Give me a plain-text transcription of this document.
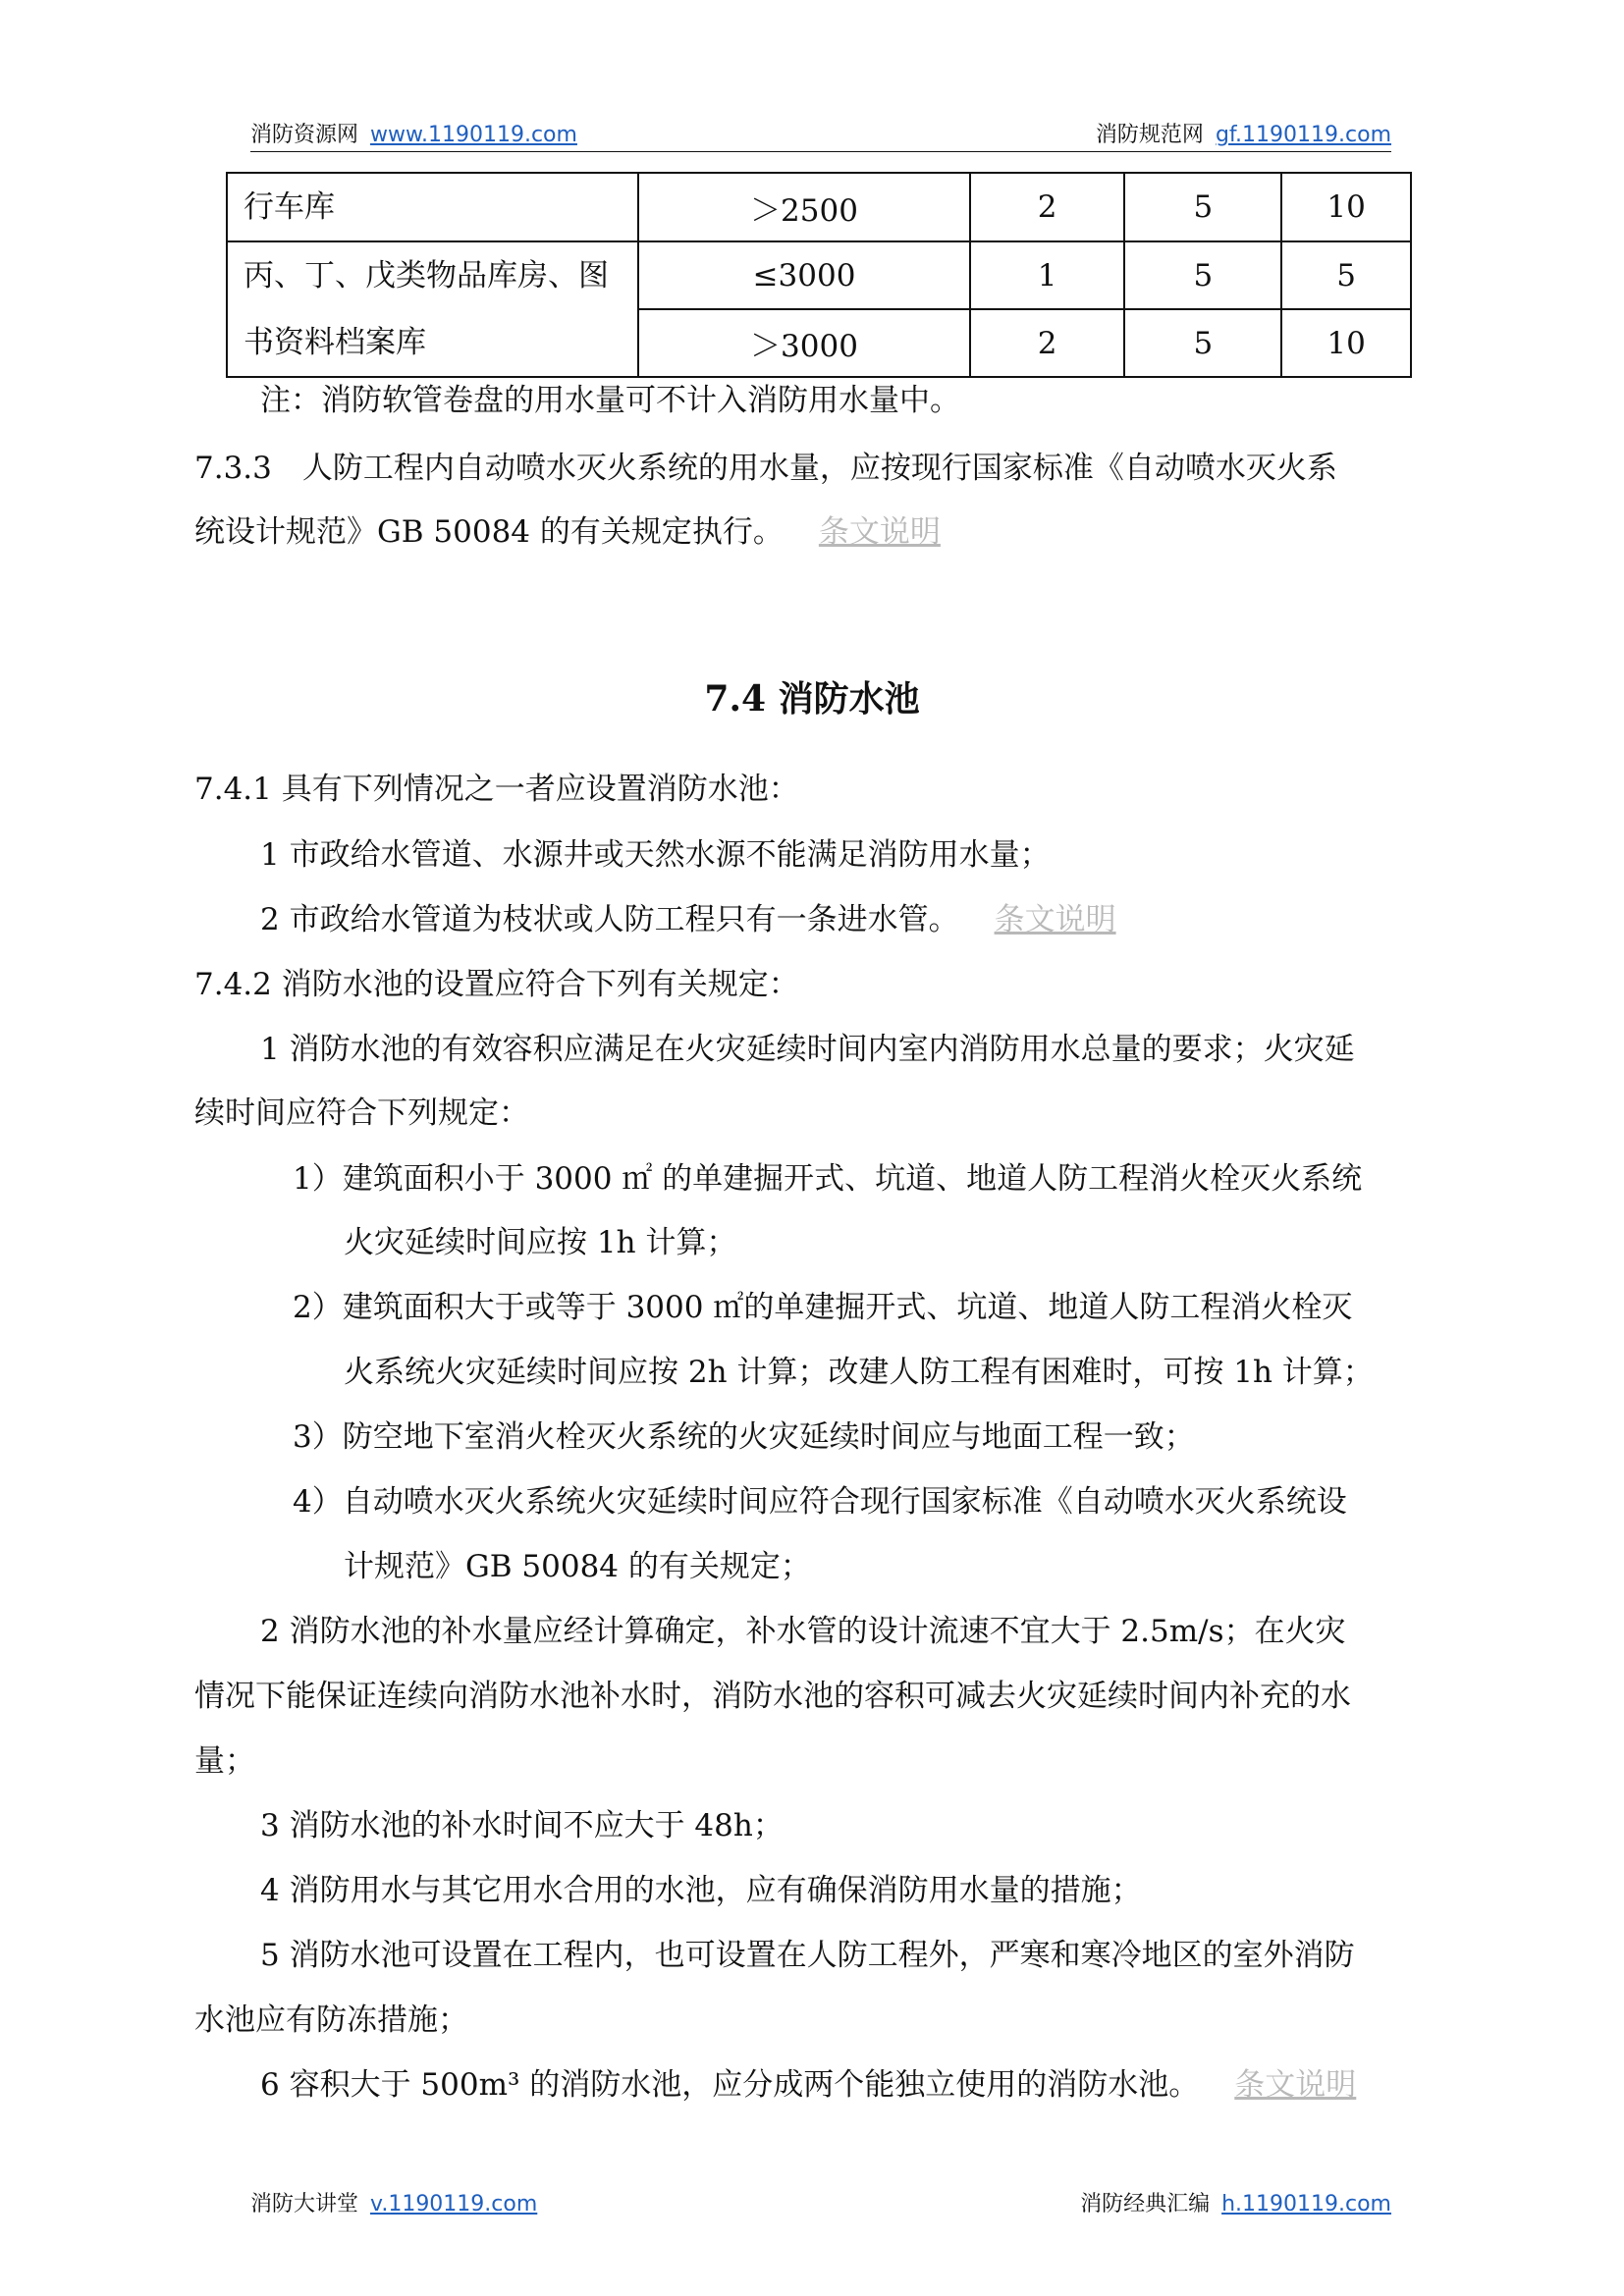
消防资源网 www.1190119.com	消防规范网 gf.1190119.com
行车库	＞2500	2	5	10

丙、丁、戊类物品库房、图
书资料档案库	≤3000	1	5	5
	＞3000	2	5	10
注：消防软管卷盘的用水量可不计入消防用水量中。
7.3.3　人防工程内自动喷水灭火系统的用水量，应按现行国家标准《自动喷水灭火系
统设计规范》GB 50084 的有关规定执行。 条文说明
7.4 消防水池
7.4.1 具有下列情况之一者应设置消防水池：
1 市政给水管道、水源井或天然水源不能满足消防用水量；
2 市政给水管道为枝状或人防工程只有一条进水管。 条文说明
7.4.2 消防水池的设置应符合下列有关规定：
1 消防水池的有效容积应满足在火灾延续时间内室内消防用水总量的要求；火灾延
续时间应符合下列规定：
1）建筑面积小于 3000 ㎡ 的单建掘开式、坑道、地道人防工程消火栓灭火系统
火灾延续时间应按 1h 计算；
2）建筑面积大于或等于 3000 ㎡的单建掘开式、坑道、地道人防工程消火栓灭
火系统火灾延续时间应按 2h 计算；改建人防工程有困难时，可按 1h 计算；
3）防空地下室消火栓灭火系统的火灾延续时间应与地面工程一致；
4）自动喷水灭火系统火灾延续时间应符合现行国家标准《自动喷水灭火系统设
计规范》GB 50084 的有关规定；
2 消防水池的补水量应经计算确定，补水管的设计流速不宜大于 2.5m/s；在火灾
情况下能保证连续向消防水池补水时，消防水池的容积可减去火灾延续时间内补充的水
量；
3 消防水池的补水时间不应大于 48h；
4 消防用水与其它用水合用的水池，应有确保消防用水量的措施；
5 消防水池可设置在工程内，也可设置在人防工程外，严寒和寒冷地区的室外消防
水池应有防冻措施；
6 容积大于 500m³ 的消防水池，应分成两个能独立使用的消防水池。 条文说明
消防大讲堂 v.1190119.com	消防经典汇编 h.1190119.com
